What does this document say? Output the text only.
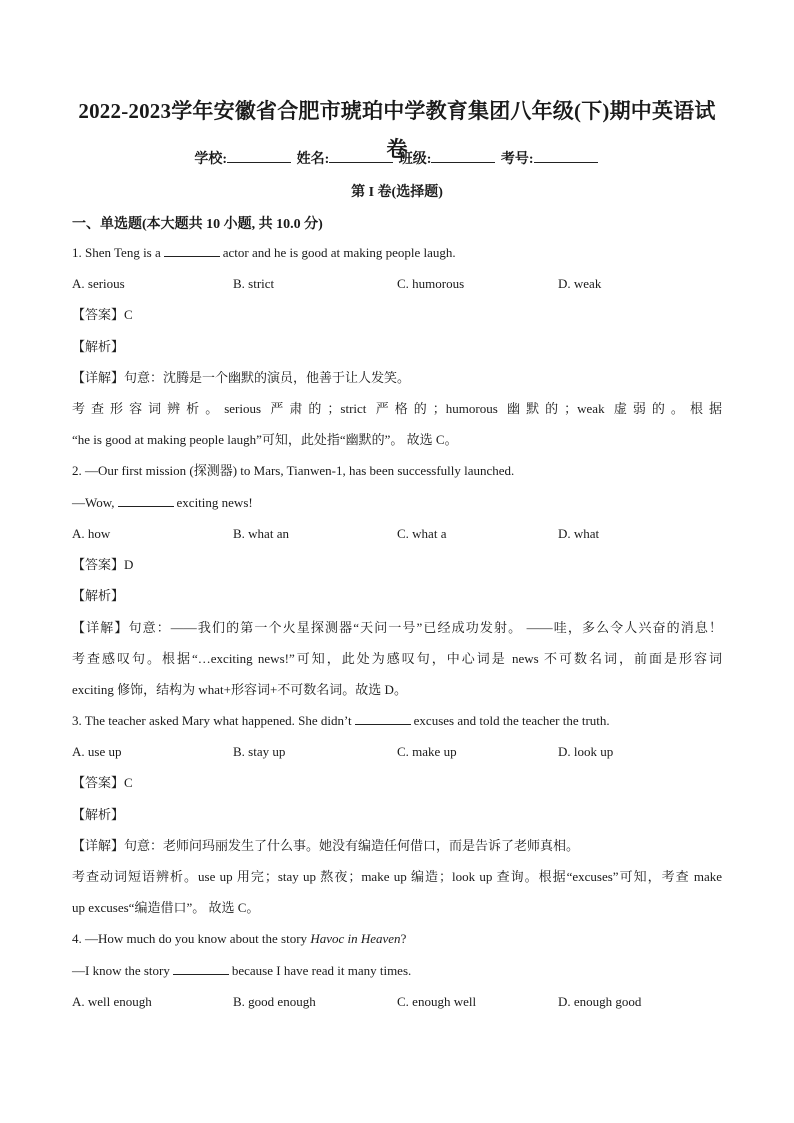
2022-2023学年安徽省合肥市琥珀中学教育集团八年级(下)期中英语试
卷
学校:	姓名:	班级:	考号:
第 I 卷(选择题)
一、单选题(本大题共 10 小题, 共 10.0 分)
1. Shen Teng is a	actor and he is good at making people laugh.
A. serious	B. strict	C. humorous	D. weak
【答案】C
【解析】
【详解】句意：沈腾是一个幽默的演员，他善于让人发笑。
考查形容词辨析。serious 严肃的；strict 严格的；humorous 幽默的；weak 虚弱的。根据
“he is good at making people laugh”可知，此处指“幽默的”。 故选 C。
2. —Our first mission (探测器) to Mars, Tianwen-1, has been successfully launched.
—Wow,	exciting news!
A. how	B. what an	C. what a	D. what
【答案】D
【解析】
【详解】句意：——我们的第一个火星探测器“天问一号”已经成功发射。 ——哇，多么令人兴奋的消息！
考查感叹句。根据“…exciting news!”可知，此处为感叹句，中心词是 news 不可数名词，前面是形容词
exciting 修饰，结构为 what+形容词+不可数名词。故选 D。
3. The teacher asked Mary what happened. She didn’t	excuses and told the teacher the truth.
A. use up	B. stay up	C. make up	D. look up
【答案】C
【解析】
【详解】句意：老师问玛丽发生了什么事。她没有编造任何借口，而是告诉了老师真相。
考查动词短语辨析。use up 用完；stay up 熬夜；make up 编造；look up 查询。根据“excuses”可知，考查 make
up excuses“编造借口”。 故选 C。
4. —How much do you know about the story Havoc in Heaven?
—I know the story	because I have read it many times.
A. well enough	B. good enough	C. enough well	D. enough good
